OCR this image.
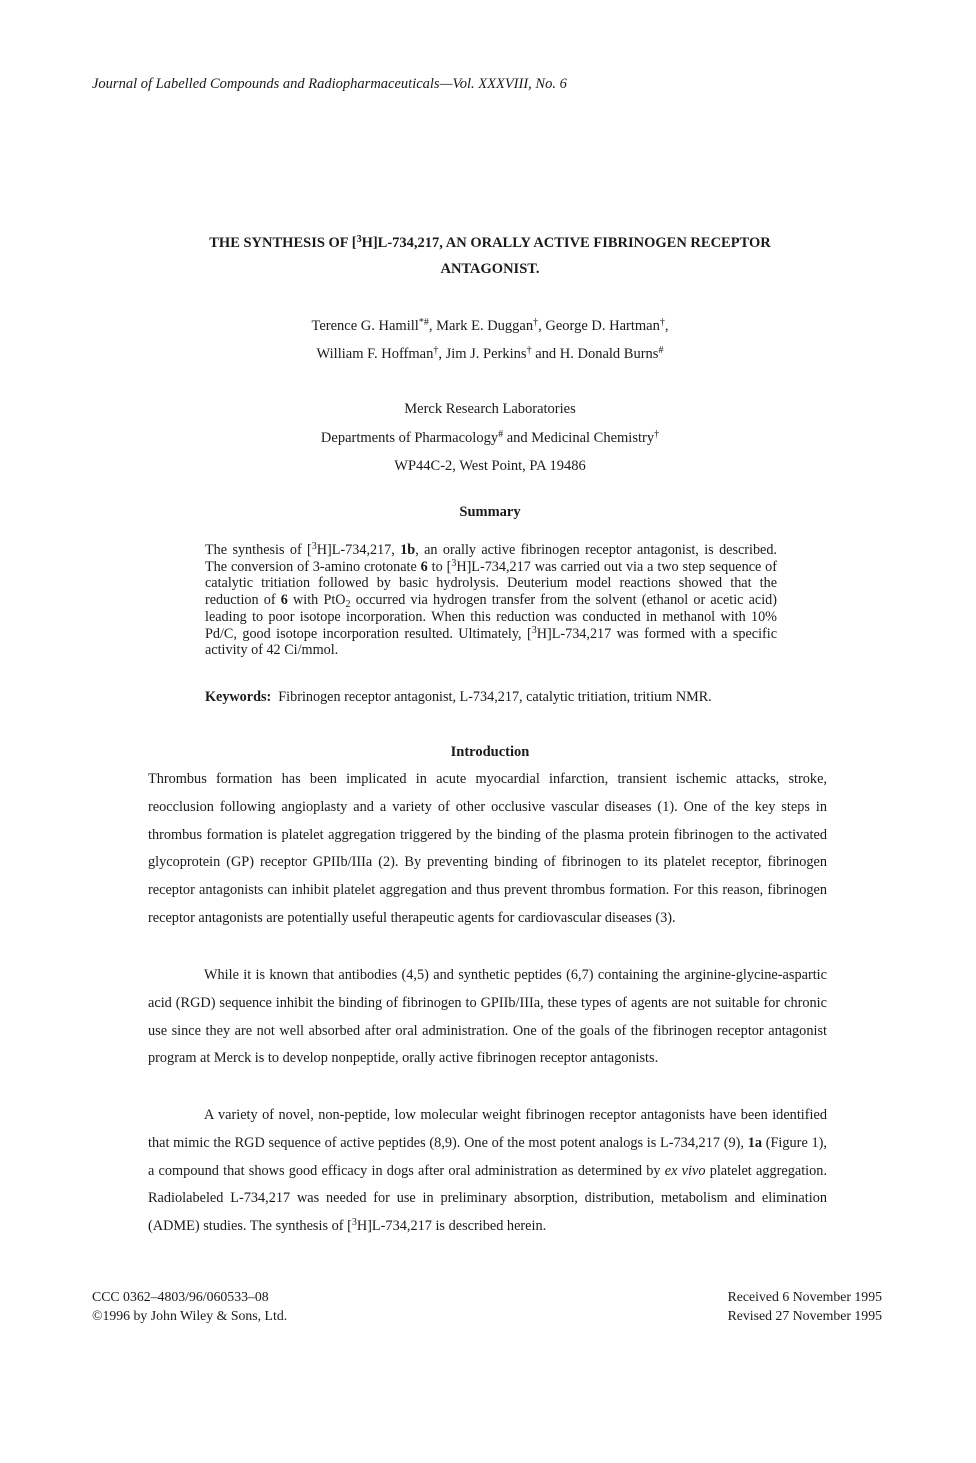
Journal of Labelled Compounds and Radiopharmaceuticals—Vol. XXXVIII, No. 6
THE SYNTHESIS OF [$^3$H]L-734,217, AN ORALLY ACTIVE FIBRINOGEN RECEPTOR
ANTAGONIST.
Terence G. Hamill*#, Mark E. Duggan†, George D. Hartman†,
William F. Hoffman†, Jim J. Perkins† and H. Donald Burns#
Merck Research Laboratories
Departments of Pharmacology# and Medicinal Chemistry†
WP44C-2, West Point, PA 19486
Summary
The synthesis of [$^3$H]L-734,217, 1b, an orally active fibrinogen receptor antagonist, is described. The conversion of 3-amino crotonate 6 to [$^3$H]L-734,217 was carried out via a two step sequence of catalytic tritiation followed by basic hydrolysis. Deuterium model reactions showed that the reduction of 6 with PtO$_2$ occurred via hydrogen transfer from the solvent (ethanol or acetic acid) leading to poor isotope incorporation. When this reduction was conducted in methanol with 10% Pd/C, good isotope incorporation resulted. Ultimately, [$^3$H]L-734,217 was formed with a specific activity of 42 Ci/mmol.
Keywords:  Fibrinogen receptor antagonist, L-734,217, catalytic tritiation, tritium NMR.
Introduction
Thrombus formation has been implicated in acute myocardial infarction, transient ischemic attacks, stroke, reocclusion following angioplasty and a variety of other occlusive vascular diseases (1). One of the key steps in thrombus formation is platelet aggregation triggered by the binding of the plasma protein fibrinogen to the activated glycoprotein (GP) receptor GPIIb/IIIa (2). By preventing binding of fibrinogen to its platelet receptor, fibrinogen receptor antagonists can inhibit platelet aggregation and thus prevent thrombus formation. For this reason, fibrinogen receptor antagonists are potentially useful therapeutic agents for cardiovascular diseases (3).
While it is known that antibodies (4,5) and synthetic peptides (6,7) containing the arginine-glycine-aspartic acid (RGD) sequence inhibit the binding of fibrinogen to GPIIb/IIIa, these types of agents are not suitable for chronic use since they are not well absorbed after oral administration. One of the goals of the fibrinogen receptor antagonist program at Merck is to develop nonpeptide, orally active fibrinogen receptor antagonists.
A variety of novel, non-peptide, low molecular weight fibrinogen receptor antagonists have been identified that mimic the RGD sequence of active peptides (8,9). One of the most potent analogs is L-734,217 (9), 1a (Figure 1), a compound that shows good efficacy in dogs after oral administration as determined by ex vivo platelet aggregation. Radiolabeled L-734,217 was needed for use in preliminary absorption, distribution, metabolism and elimination (ADME) studies. The synthesis of [$^3$H]L-734,217 is described herein.
CCC 0362–4803/96/060533–08
©1996 by John Wiley & Sons, Ltd.
Received 6 November 1995
Revised 27 November 1995
